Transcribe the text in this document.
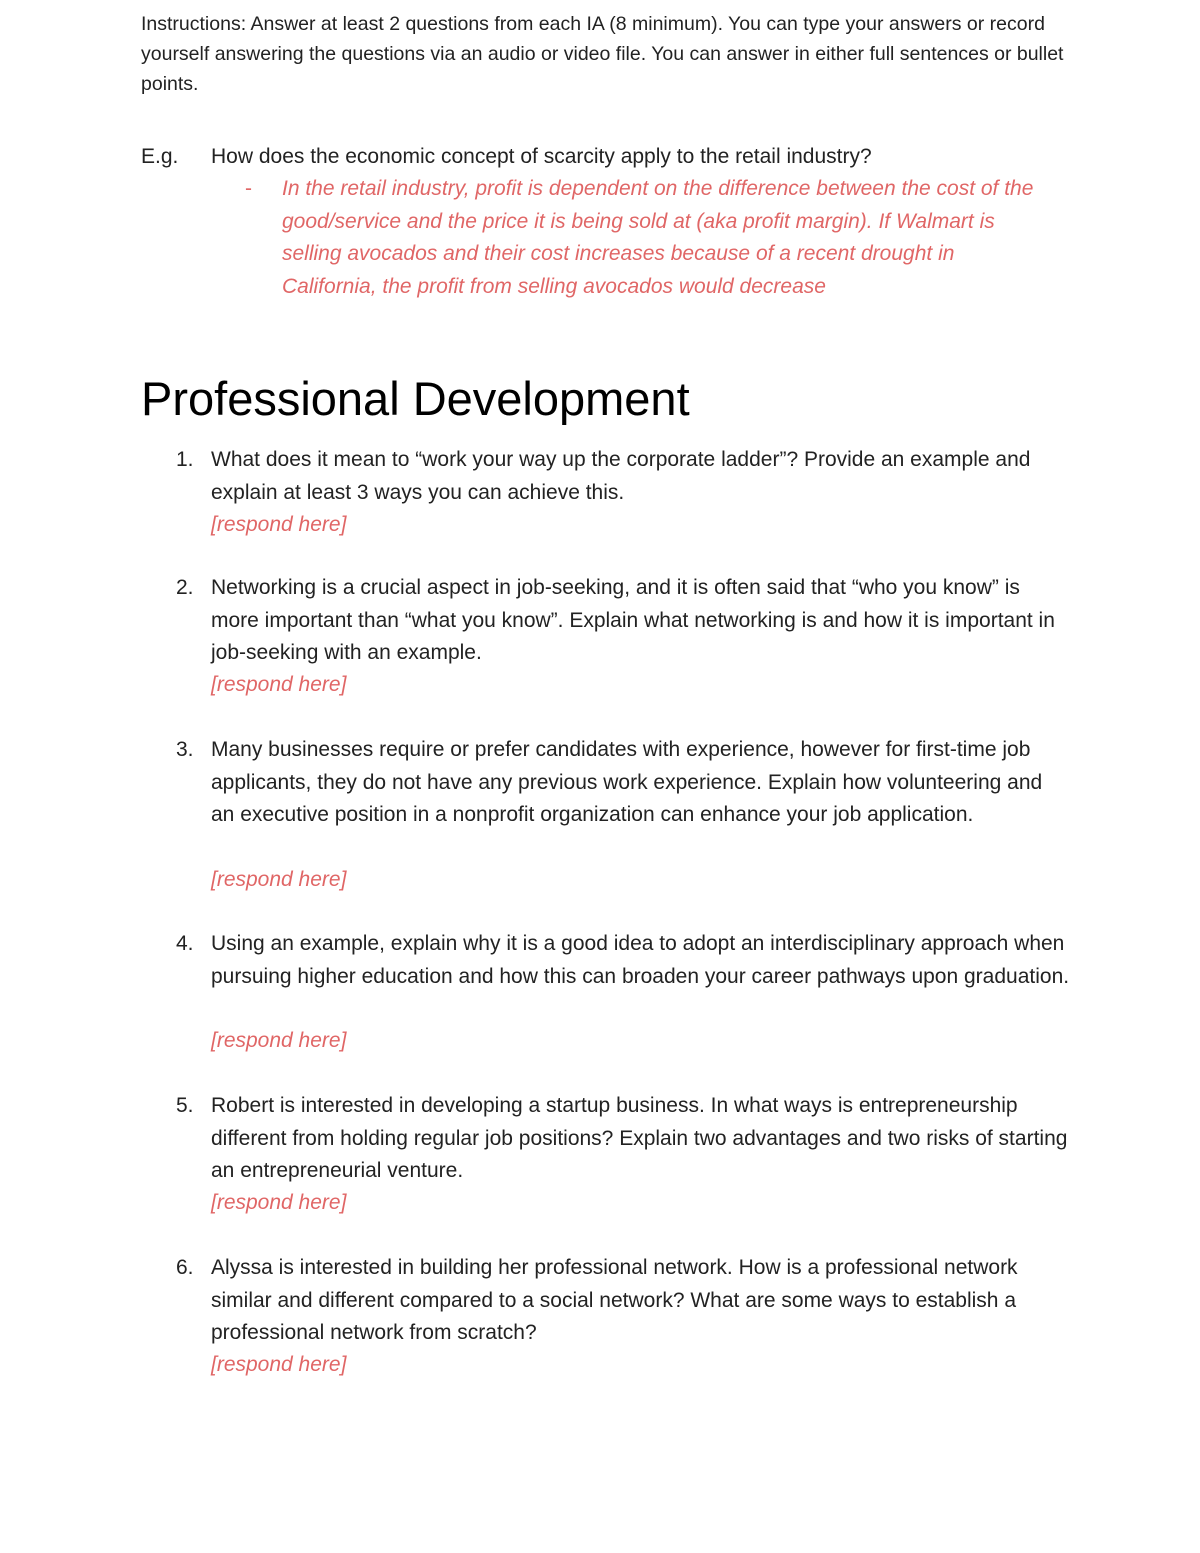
Instructions: Answer at least 2 questions from each IA (8 minimum). You can type your answers or record yourself answering the questions via an audio or video file. You can answer in either full sentences or bullet points.

E.g. How does the economic concept of scarcity apply to the retail industry?
- In the retail industry, profit is dependent on the difference between the cost of the good/service and the price it is being sold at (aka profit margin). If Walmart is selling avocados and their cost increases because of a recent drought in California, the profit from selling avocados would decrease

Professional Development
1. What does it mean to “work your way up the corporate ladder”? Provide an example and explain at least 3 ways you can achieve this.

[respond here]
2. Networking is a crucial aspect in job-seeking, and it is often said that “who you know” is more important than “what you know”. Explain what networking is and how it is important in job-seeking with an example.

[respond here]
3. Many businesses require or prefer candidates with experience, however for first-time job applicants, they do not have any previous work experience. Explain how volunteering and an executive position in a nonprofit organization can enhance your job application.

[respond here]
4. Using an example, explain why it is a good idea to adopt an interdisciplinary approach when pursuing higher education and how this can broaden your career pathways upon graduation.

[respond here]
5. Robert is interested in developing a startup business. In what ways is entrepreneurship different from holding regular job positions? Explain two advantages and two risks of starting an entrepreneurial venture.

[respond here]
6. Alyssa is interested in building her professional network. How is a professional network similar and different compared to a social network? What are some ways to establish a professional network from scratch?

[respond here]
